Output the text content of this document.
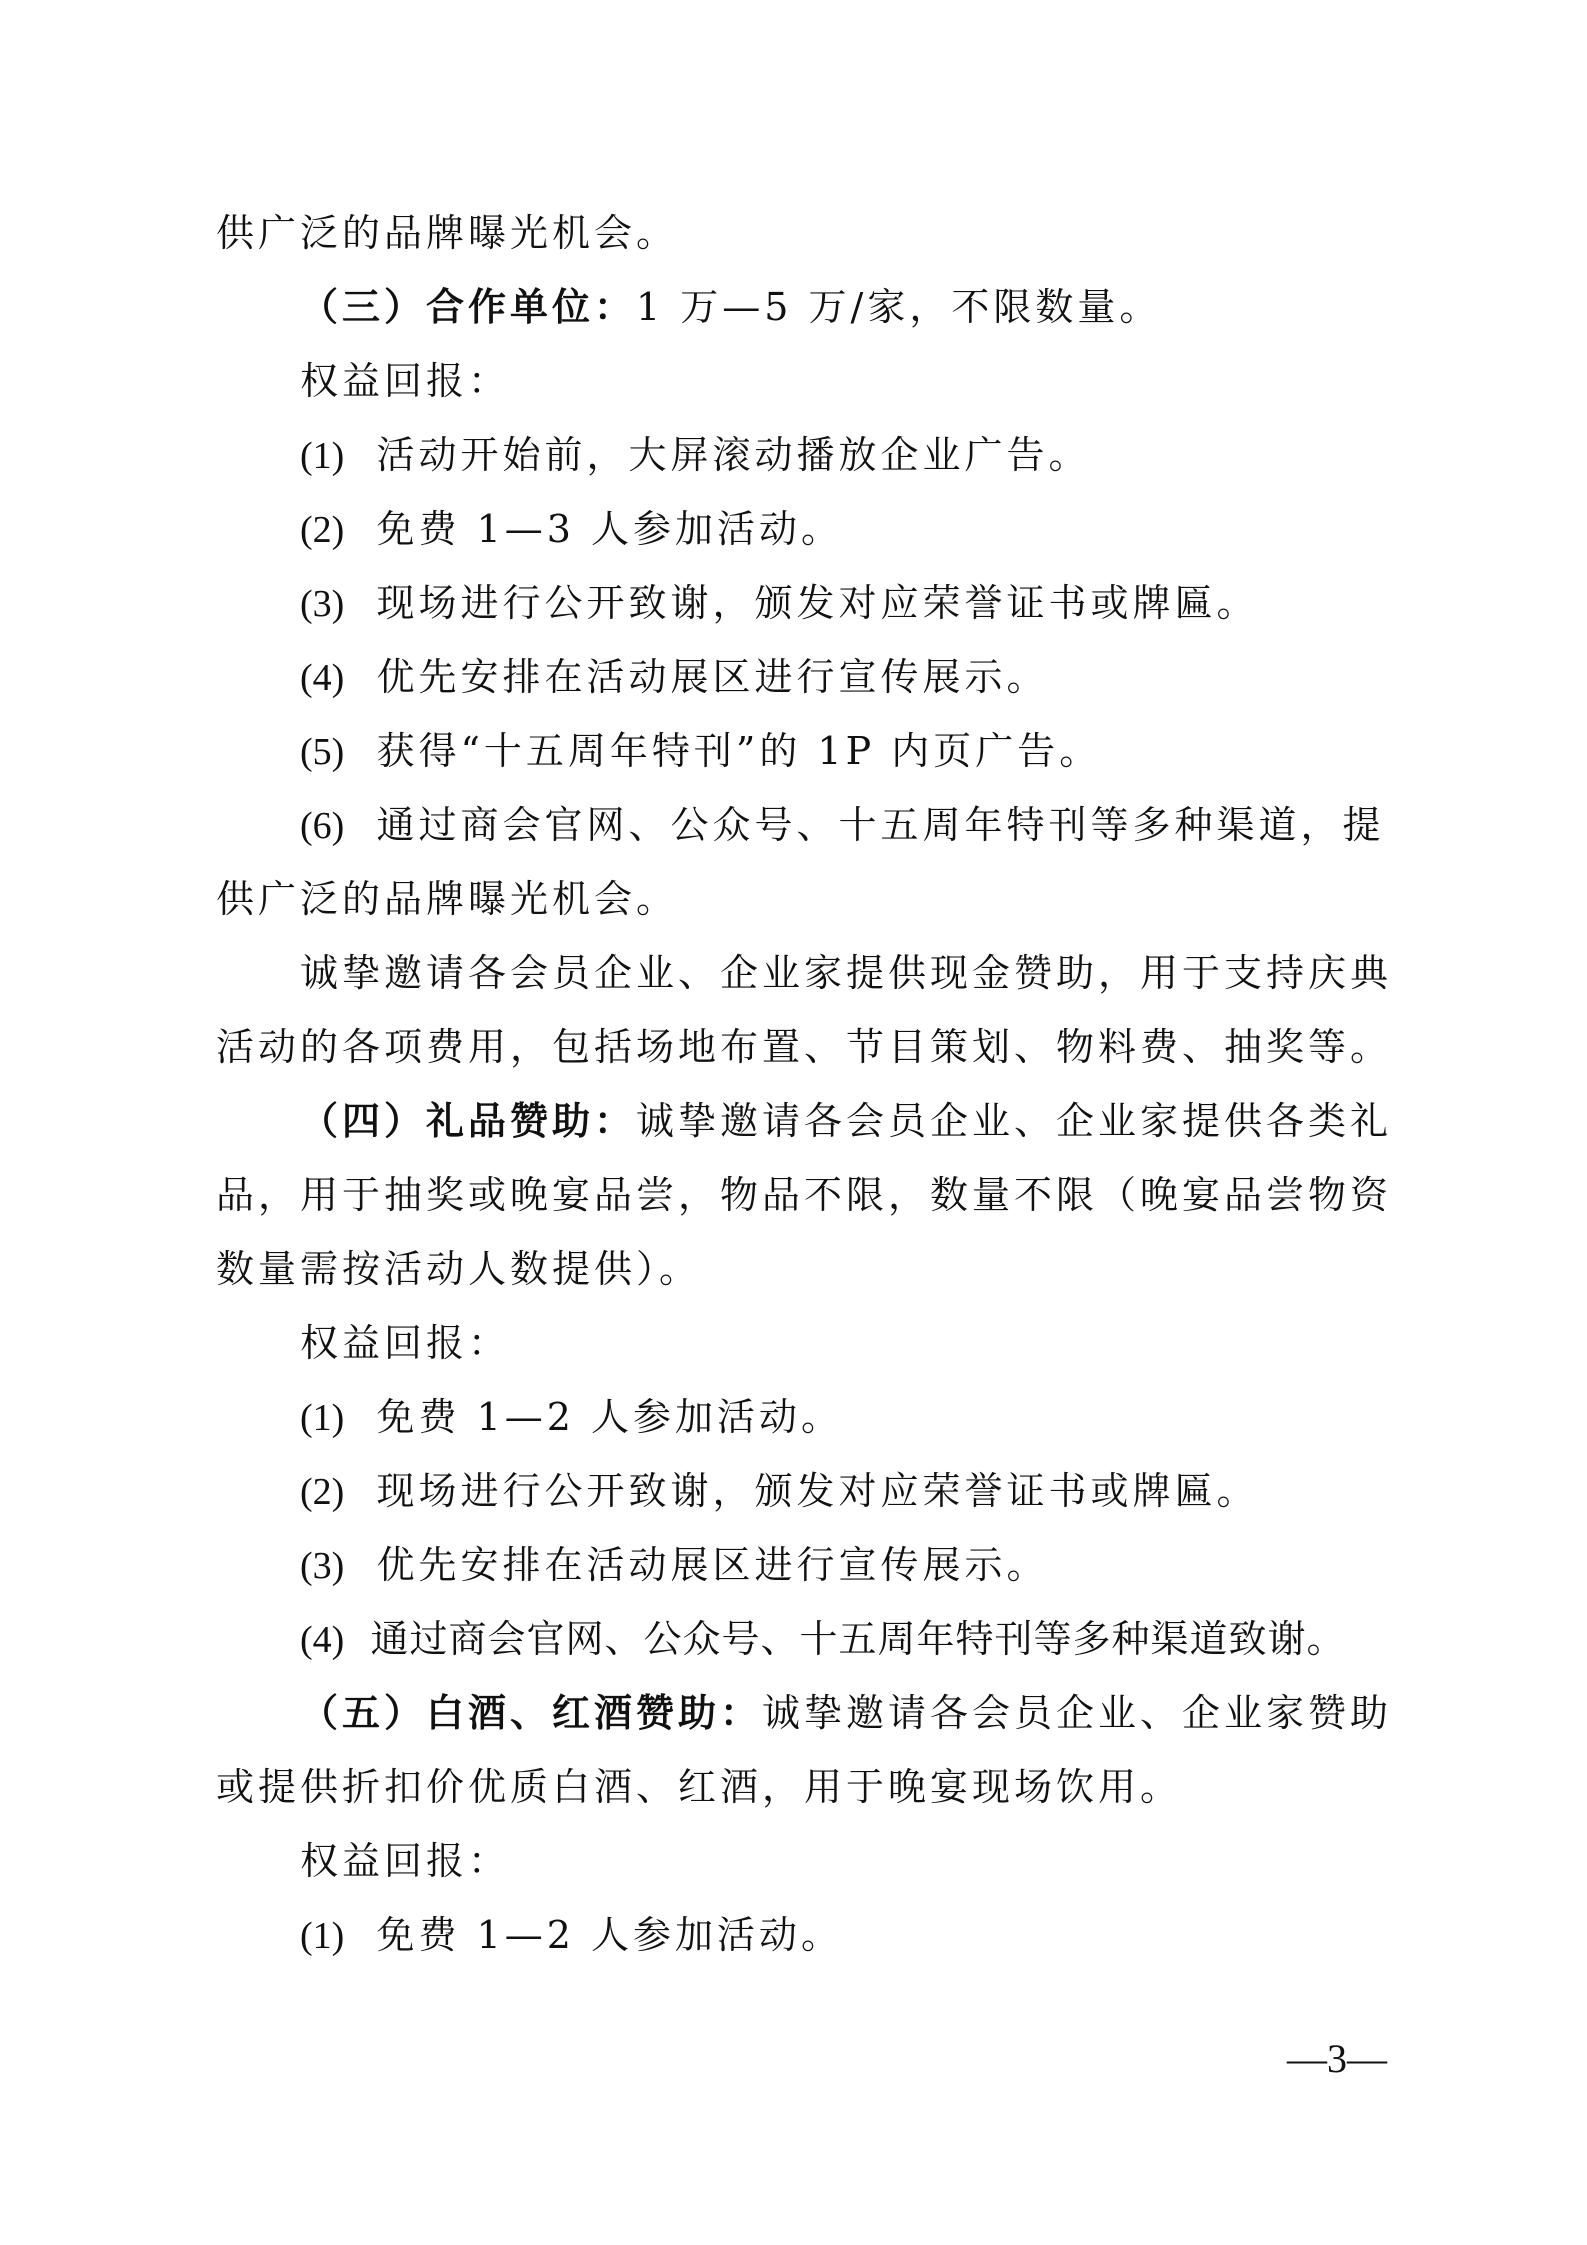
供广泛的品牌曝光机会。
（三）合作单位：1 万—5 万/家，不限数量。
权益回报：
(1) 活动开始前，大屏滚动播放企业广告。
(2) 免费 1—3 人参加活动。
(3) 现场进行公开致谢，颁发对应荣誉证书或牌匾。
(4) 优先安排在活动展区进行宣传展示。
(5) 获得“十五周年特刊”的 1P 内页广告。
(6) 通过商会官网、公众号、十五周年特刊等多种渠道，提
供广泛的品牌曝光机会。
诚挚邀请各会员企业、企业家提供现金赞助，用于支持庆典
活动的各项费用，包括场地布置、节目策划、物料费、抽奖等。
（四）礼品赞助：诚挚邀请各会员企业、企业家提供各类礼
品，用于抽奖或晚宴品尝，物品不限，数量不限（晚宴品尝物资
数量需按活动人数提供）。
权益回报：
(1) 免费 1—2 人参加活动。
(2) 现场进行公开致谢，颁发对应荣誉证书或牌匾。
(3) 优先安排在活动展区进行宣传展示。
(4) 通过商会官网、公众号、十五周年特刊等多种渠道致谢。
（五）白酒、红酒赞助：诚挚邀请各会员企业、企业家赞助
或提供折扣价优质白酒、红酒，用于晚宴现场饮用。
权益回报：
(1) 免费 1—2 人参加活动。
—3—
